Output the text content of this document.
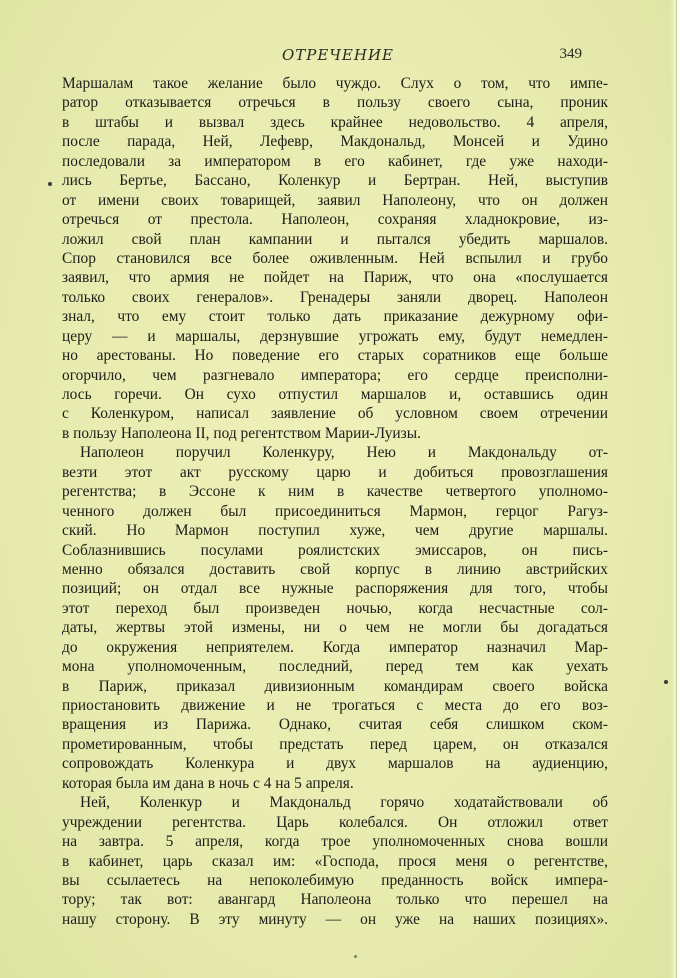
ОТРЕЧЕНИЕ	349
Маршалам такое желание было чуждо. Слух о том, что импе-
ратор отказывается отречься в пользу своего сына, проник
в штабы и вызвал здесь крайнее недовольство. 4 апреля,
после парада, Ней, Лефевр, Макдональд, Монсей и Удино
последовали за императором в его кабинет, где уже находи-
лись Бертье, Бассано, Коленкур и Бертран. Ней, выступив
от имени своих товарищей, заявил Наполеону, что он должен
отречься от престола. Наполеон, сохраняя хладнокровие, из-
ложил свой план кампании и пытался убедить маршалов.
Спор становился все более оживленным. Ней вспылил и грубо
заявил, что армия не пойдет на Париж, что она «послушается
только своих генералов». Гренадеры заняли дворец. Наполеон
знал, что ему стоит только дать приказание дежурному офи-
церу — и маршалы, дерзнувшие угрожать ему, будут немедлен-
но арестованы. Но поведение его старых соратников еще больше
огорчило, чем разгневало императора; его сердце преисполни-
лось горечи. Он сухо отпустил маршалов и, оставшись один
с Коленкуром, написал заявление об условном своем отречении
в пользу Наполеона II, под регентством Марии-Луизы.
Наполеон поручил Коленкуру, Нею и Макдональду от-
везти этот акт русскому царю и добиться провозглашения
регентства; в Эссоне к ним в качестве четвертого уполномо-
ченного должен был присоединиться Мармон, герцог Рагуз-
ский. Но Мармон поступил хуже, чем другие маршалы.
Соблазнившись посулами роялистских эмиссаров, он пись-
менно обязался доставить свой корпус в линию австрийских
позиций; он отдал все нужные распоряжения для того, чтобы
этот переход был произведен ночью, когда несчастные сол-
даты, жертвы этой измены, ни о чем не могли бы догадаться
до окружения неприятелем. Когда император назначил Мар-
мона уполномоченным, последний, перед тем как уехать
в Париж, приказал дивизионным командирам своего войска
приостановить движение и не трогаться с места до его воз-
вращения из Парижа. Однако, считая себя слишком ском-
прометированным, чтобы предстать перед царем, он отказался
сопровождать Коленкура и двух маршалов на аудиенцию,
которая была им дана в ночь с 4 на 5 апреля.
Ней, Коленкур и Макдональд горячо ходатайствовали об
учреждении регентства. Царь колебался. Он отложил ответ
на завтра. 5 апреля, когда трое уполномоченных снова вошли
в кабинет, царь сказал им: «Господа, прося меня о регентстве,
вы ссылаетесь на непоколебимую преданность войск импера-
тору; так вот: авангард Наполеона только что перешел на
нашу сторону. В эту минуту — он уже на наших позициях».
